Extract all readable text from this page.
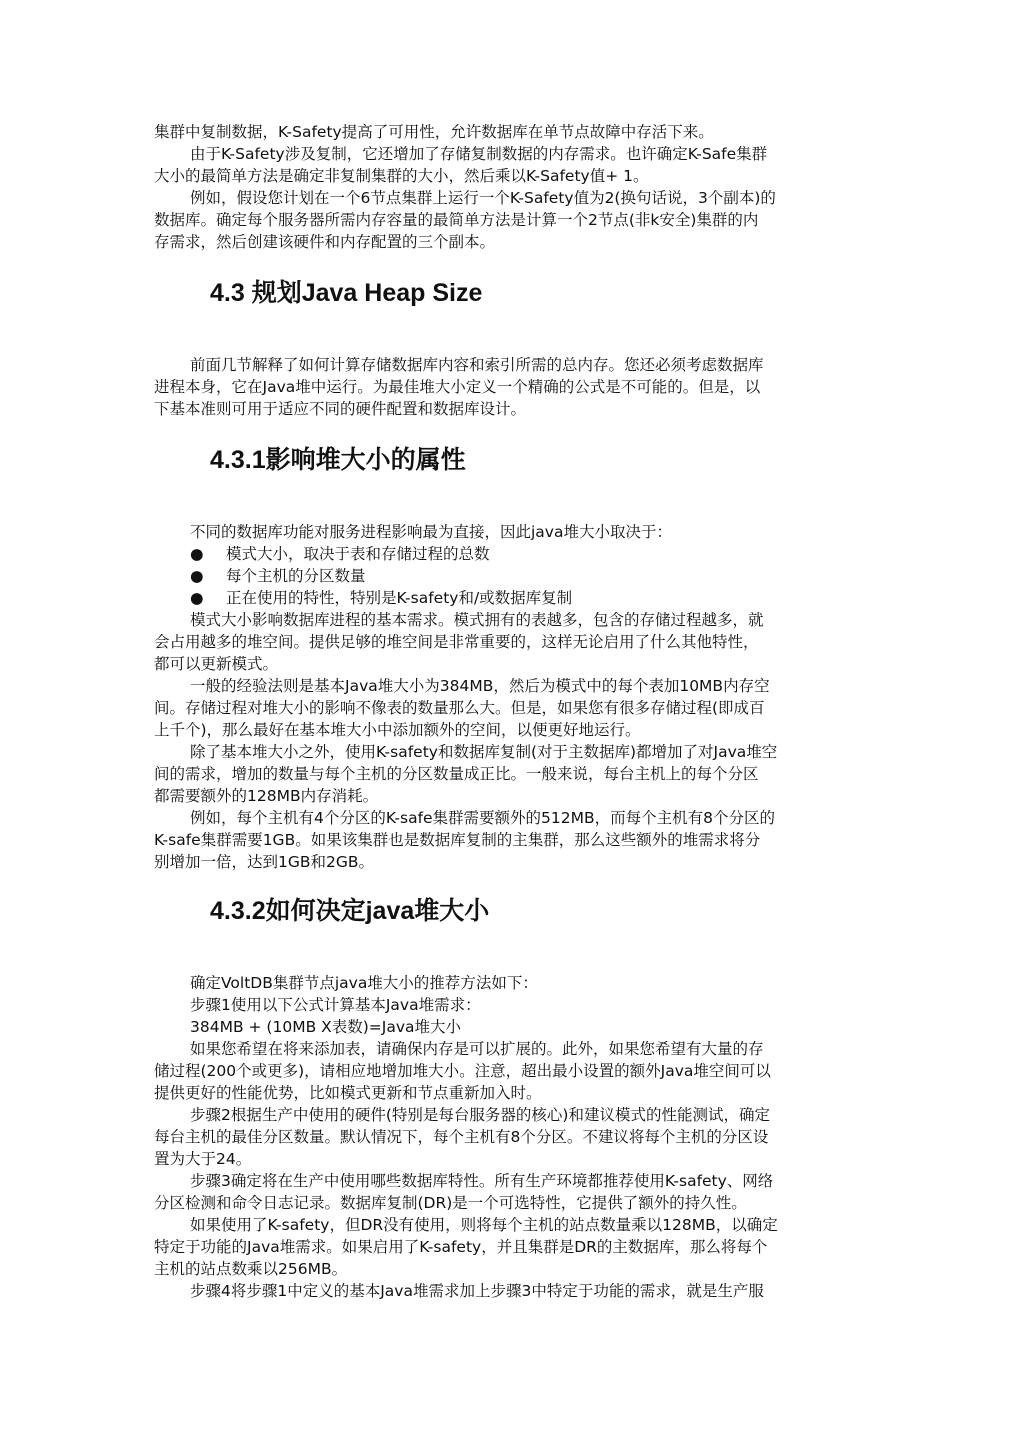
集群中复制数据，K-Safety提高了可用性，允许数据库在单节点故障中存活下来。
由于K-Safety涉及复制，它还增加了存储复制数据的内存需求。也许确定K-Safe集群
大小的最简单方法是确定非复制集群的大小，然后乘以K-Safety值+ 1。
例如，假设您计划在一个6节点集群上运行一个K-Safety值为2(换句话说，3个副本)的
数据库。确定每个服务器所需内存容量的最简单方法是计算一个2节点(非k安全)集群的内
存需求，然后创建该硬件和内存配置的三个副本。
4.3 规划Java Heap Size
前面几节解释了如何计算存储数据库内容和索引所需的总内存。您还必须考虑数据库
进程本身，它在Java堆中运行。为最佳堆大小定义一个精确的公式是不可能的。但是，以
下基本准则可用于适应不同的硬件配置和数据库设计。
4.3.1影响堆大小的属性
不同的数据库功能对服务进程影响最为直接，因此java堆大小取决于：
● 模式大小，取决于表和存储过程的总数
● 每个主机的分区数量
● 正在使用的特性，特别是K-safety和/或数据库复制
模式大小影响数据库进程的基本需求。模式拥有的表越多，包含的存储过程越多，就
会占用越多的堆空间。提供足够的堆空间是非常重要的，这样无论启用了什么其他特性，
都可以更新模式。
一般的经验法则是基本Java堆大小为384MB，然后为模式中的每个表加10MB内存空
间。存储过程对堆大小的影响不像表的数量那么大。但是，如果您有很多存储过程(即成百
上千个)，那么最好在基本堆大小中添加额外的空间，以便更好地运行。
除了基本堆大小之外，使用K-safety和数据库复制(对于主数据库)都增加了对Java堆空
间的需求，增加的数量与每个主机的分区数量成正比。一般来说，每台主机上的每个分区
都需要额外的128MB内存消耗。
例如，每个主机有4个分区的K-safe集群需要额外的512MB，而每个主机有8个分区的
K-safe集群需要1GB。如果该集群也是数据库复制的主集群，那么这些额外的堆需求将分
别增加一倍，达到1GB和2GB。
4.3.2如何决定java堆大小
确定VoltDB集群节点java堆大小的推荐方法如下：
步骤1使用以下公式计算基本Java堆需求：
384MB + (10MB X表数)=Java堆大小
如果您希望在将来添加表，请确保内存是可以扩展的。此外，如果您希望有大量的存
储过程(200个或更多)，请相应地增加堆大小。注意，超出最小设置的额外Java堆空间可以
提供更好的性能优势，比如模式更新和节点重新加入时。
步骤2根据生产中使用的硬件(特别是每台服务器的核心)和建议模式的性能测试，确定
每台主机的最佳分区数量。默认情况下，每个主机有8个分区。不建议将每个主机的分区设
置为大于24。
步骤3确定将在生产中使用哪些数据库特性。所有生产环境都推荐使用K-safety、网络
分区检测和命令日志记录。数据库复制(DR)是一个可选特性，它提供了额外的持久性。
如果使用了K-safety，但DR没有使用，则将每个主机的站点数量乘以128MB，以确定
特定于功能的Java堆需求。如果启用了K-safety，并且集群是DR的主数据库，那么将每个
主机的站点数乘以256MB。
步骤4将步骤1中定义的基本Java堆需求加上步骤3中特定于功能的需求，就是生产服
